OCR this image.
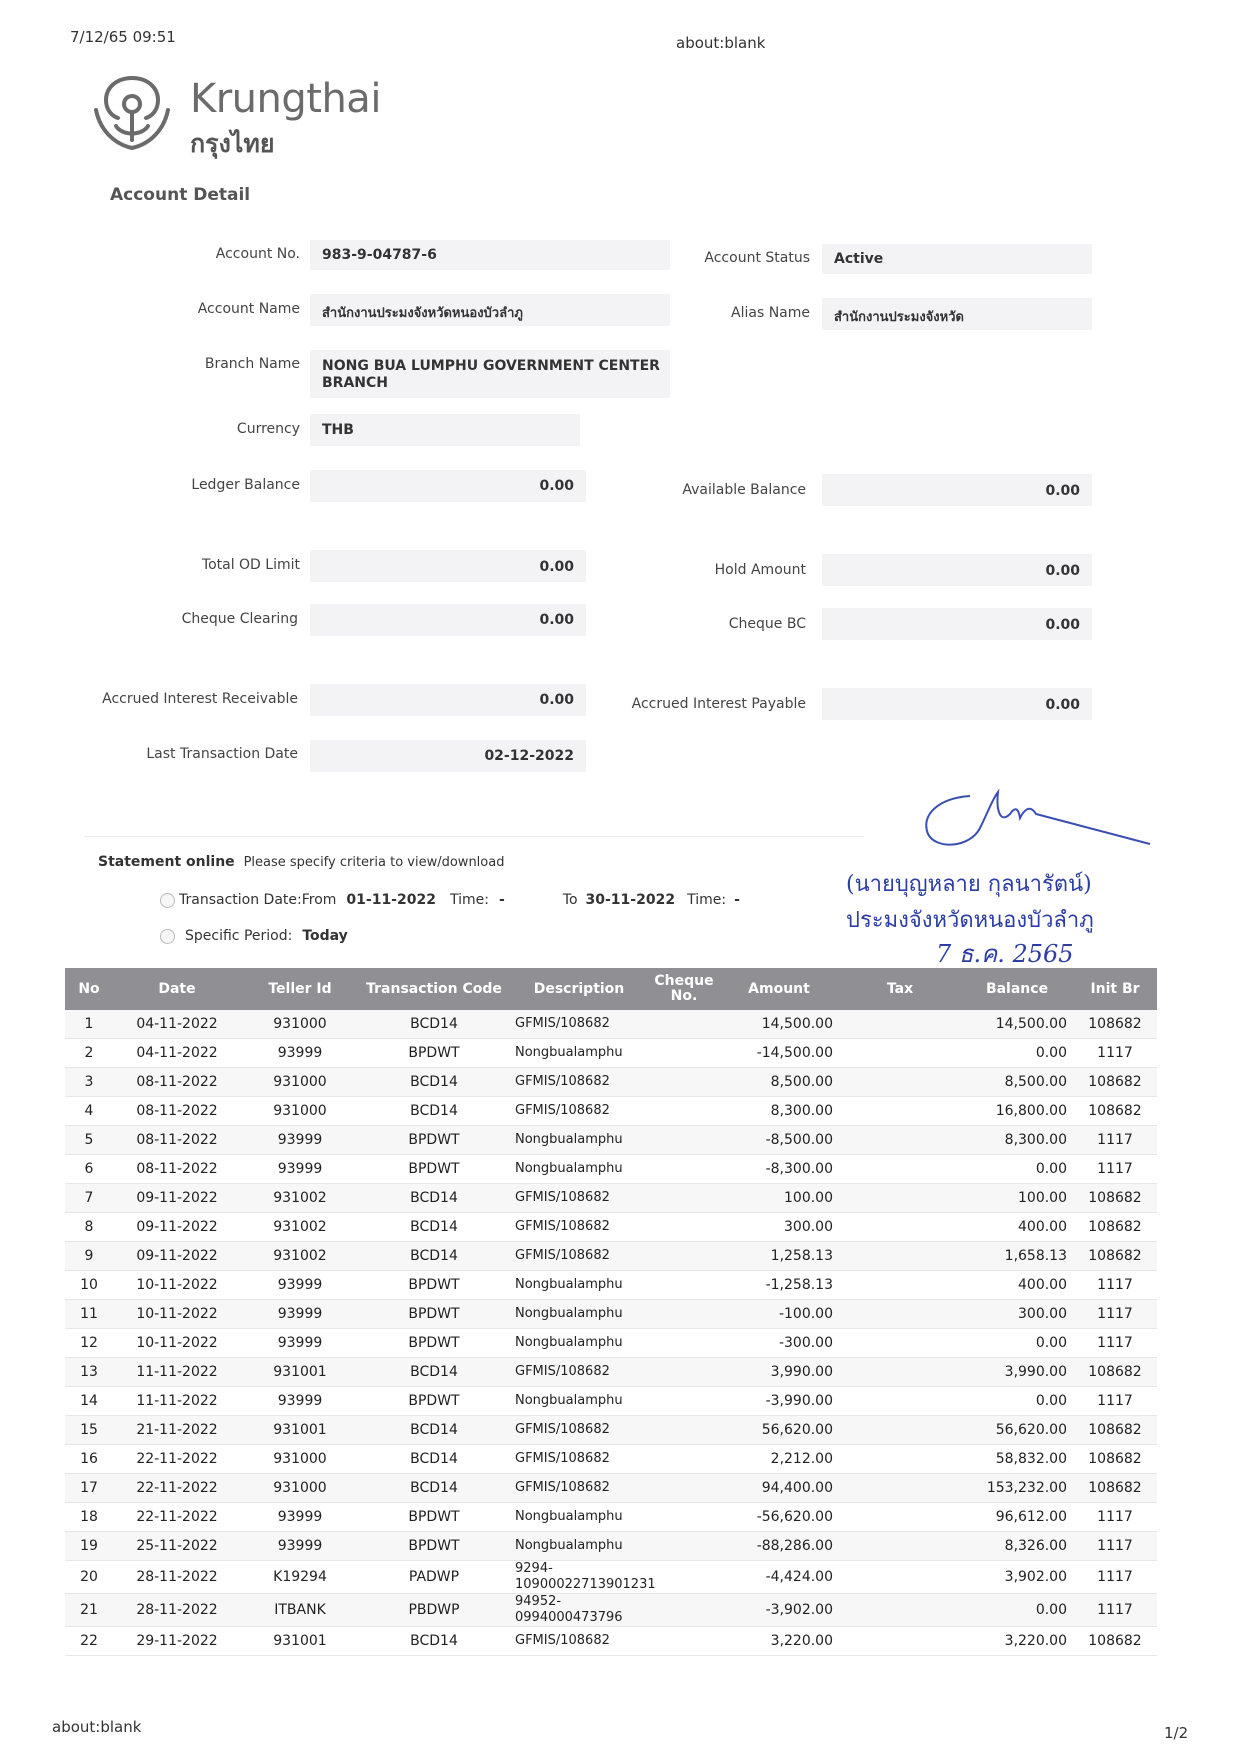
7/12/65 09:51	about:blank
Krungthai
กรุงไทย
Account Detail
Account No. 983-9-04787-6	Account Status Active
Account Name สำนักงานประมงจังหวัดหนองบัวลำภู	Alias Name สำนักงานประมงจังหวัด
Branch Name NONG BUA LUMPHU GOVERNMENT CENTER
BRANCH
Currency THB
Ledger Balance	0.00	Available Balance	0.00
Total OD Limit	0.00	Hold Amount	0.00
Cheque Clearing	0.00	Cheque BC	0.00
Accrued Interest Receivable	0.00	Accrued Interest Payable	0.00
Last Transaction Date	02-12-2022
Statement online Please specify criteria to view/download
Transaction Date:From 01-11-2022 Time: -	To 30-11-2022 Time: -
Specific Period: Today
(นายบุญหลาย กุลนารัตน์)
ประมงจังหวัดหนองบัวลำภู
7 ธ.ค. 2565
No	Date	Teller Id	Transaction Code	Description	Cheque No.	Amount	Tax	Balance	Init Br
1	04-11-2022	931000	BCD14	GFMIS/108682		14,500.00		14,500.00	108682
2	04-11-2022	93999	BPDWT	Nongbualamphu		-14,500.00		0.00	1117
3	08-11-2022	931000	BCD14	GFMIS/108682		8,500.00		8,500.00	108682
4	08-11-2022	931000	BCD14	GFMIS/108682		8,300.00		16,800.00	108682
5	08-11-2022	93999	BPDWT	Nongbualamphu		-8,500.00		8,300.00	1117
6	08-11-2022	93999	BPDWT	Nongbualamphu		-8,300.00		0.00	1117
7	09-11-2022	931002	BCD14	GFMIS/108682		100.00		100.00	108682
8	09-11-2022	931002	BCD14	GFMIS/108682		300.00		400.00	108682
9	09-11-2022	931002	BCD14	GFMIS/108682		1,258.13		1,658.13	108682
10	10-11-2022	93999	BPDWT	Nongbualamphu		-1,258.13		400.00	1117
11	10-11-2022	93999	BPDWT	Nongbualamphu		-100.00		300.00	1117
12	10-11-2022	93999	BPDWT	Nongbualamphu		-300.00		0.00	1117
13	11-11-2022	931001	BCD14	GFMIS/108682		3,990.00		3,990.00	108682
14	11-11-2022	93999	BPDWT	Nongbualamphu		-3,990.00		0.00	1117
15	21-11-2022	931001	BCD14	GFMIS/108682		56,620.00		56,620.00	108682
16	22-11-2022	931000	BCD14	GFMIS/108682		2,212.00		58,832.00	108682
17	22-11-2022	931000	BCD14	GFMIS/108682		94,400.00		153,232.00	108682
18	22-11-2022	93999	BPDWT	Nongbualamphu		-56,620.00		96,612.00	1117
19	25-11-2022	93999	BPDWT	Nongbualamphu		-88,286.00		8,326.00	1117
20	28-11-2022	K19294	PADWP	9294-
10900022713901231		-4,424.00		3,902.00	1117
21	28-11-2022	ITBANK	PBDWP	94952-
0994000473796		-3,902.00		0.00	1117
22	29-11-2022	931001	BCD14	GFMIS/108682		3,220.00		3,220.00	108682
about:blank	1/2
